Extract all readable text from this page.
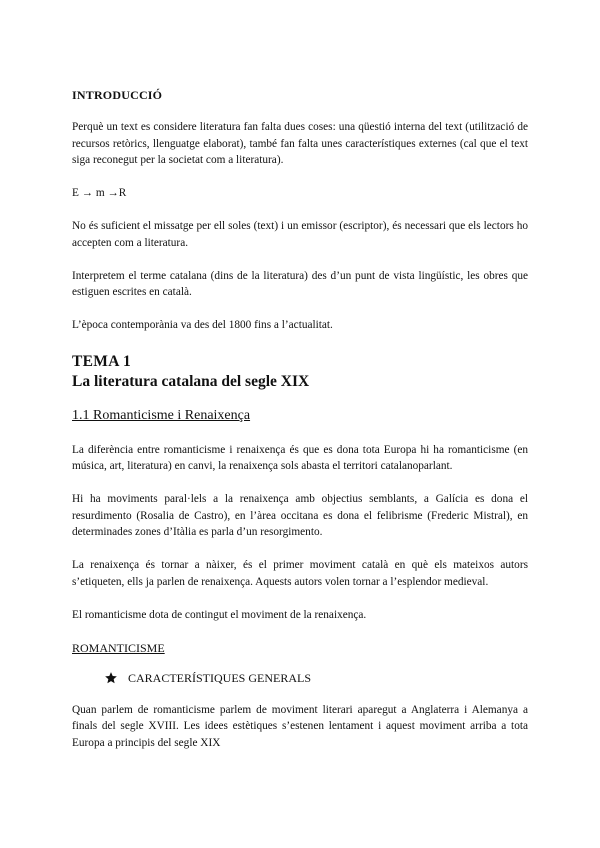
INTRODUCCIÓ

Perquè un text es considere literatura fan falta dues coses: una qüestió interna del text (utilització de recursos retòrics, llenguatge elaborat), també fan falta unes característiques externes (cal que el text siga reconegut per la societat com a literatura).

E → m →R

No és suficient el missatge per ell soles (text) i un emissor (escriptor), és necessari que els lectors ho accepten com a literatura.

Interpretem el terme catalana (dins de la literatura) des d’un punt de vista lingüístic, les obres que estiguen escrites en català.

L’època contemporània va des del 1800 fins a l’actualitat.

TEMA 1
La literatura catalana del segle XIX
1.1 Romanticisme i Renaixença

La diferència entre romanticisme i renaixença és que es dona tota Europa hi ha romanticisme (en música, art, literatura) en canvi, la renaixença sols abasta el territori catalanoparlant.

Hi ha moviments paral·lels a la renaixença amb objectius semblants, a Galícia es dona el resurdimento (Rosalia de Castro), en l’àrea occitana es dona el felibrisme (Frederic Mistral), en determinades zones d’Itàlia es parla d’un resorgimento.

La renaixença és tornar a nàixer, és el primer moviment català en què els mateixos autors s’etiqueten, ells ja parlen de renaixença. Aquests autors volen tornar a l’esplendor medieval.

El romanticisme dota de contingut el moviment de la renaixença.

ROMANTICISME
CARACTERÍSTIQUES GENERALS

Quan parlem de romanticisme parlem de moviment literari aparegut a Anglaterra i Alemanya a finals del segle XVIII. Les idees estètiques s’estenen lentament i aquest moviment arriba a tota Europa a principis del segle XIX
